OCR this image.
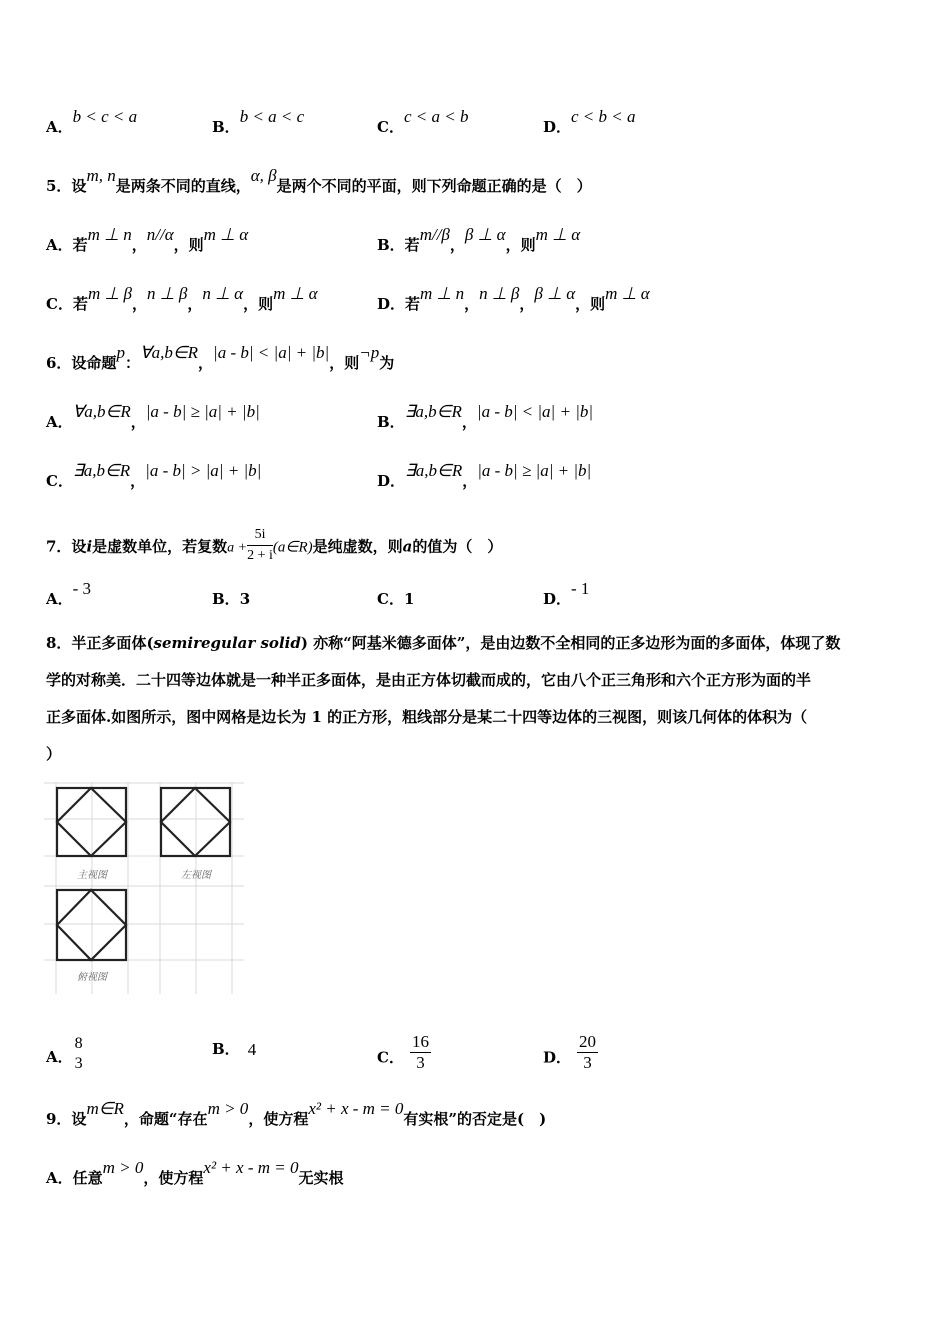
A．b < c < a
B．b < a < c
C．c < a < b
D．c < b < a
5．设m, n是两条不同的直线，α, β是两个不同的平面，则下列命题正确的是（　）
A．若m ⊥ n，n//α，则m ⊥ α
B．若m//β，β ⊥ α，则m ⊥ α
C．若m ⊥ β，n ⊥ β，n ⊥ α，则m ⊥ α
D．若m ⊥ n，n ⊥ β，β ⊥ α，则m ⊥ α
6．设命题p：∀a,b∈R，|a - b| < |a| + |b|，则¬p为
A．∀a,b∈R，|a - b| ≥ |a| + |b|
B．∃a,b∈R，|a - b| < |a| + |b|
C．∃a,b∈R，|a - b| > |a| + |b|
D．∃a,b∈R，|a - b| ≥ |a| + |b|
7．设i是虚数单位，若复数$a + \frac{5i}{2 + i}$ (a∈R)是纯虚数，则a的值为（　）
A．- 3
B．3	C．1	D．- 1
8．半正多面体(semiregular solid) 亦称“阿基米德多面体”，是由边数不全相同的正多边形为面的多面体，体现了数
学的对称美．二十四等边体就是一种半正多面体，是由正方体切截而成的，它由八个正三角形和六个正方形为面的半
正多面体.如图所示，图中网格是边长为 1 的正方形，粗线部分是某二十四等边体的三视图，则该几何体的体积为（
）
主视图	左视图
俯视图
A．
8
3
B． 4	C． $\frac{16}{3}$	D． $\frac{20}{3}$
9．设m∈R，命题“存在m > 0，使方程x² + x - m = 0有实根”的否定是(　)
A．任意m > 0，使方程x² + x - m = 0无实根
